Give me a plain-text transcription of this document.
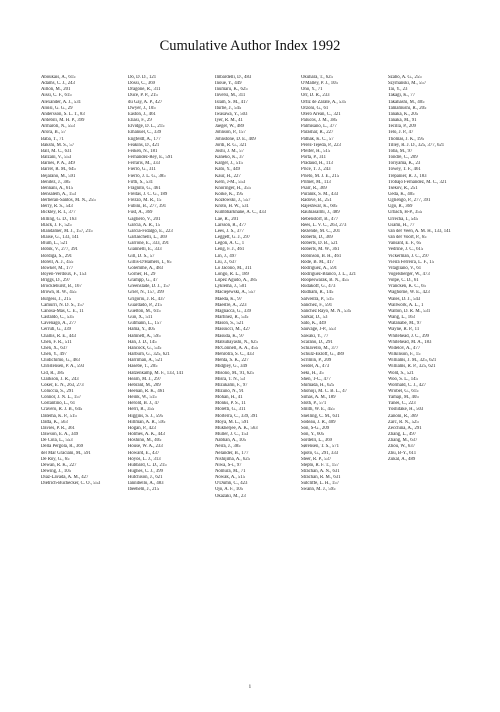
Cumulative Author Index 1992
Aboukaïs, A., 615
Adams, C. J., 243
Aillon, M., 201
Aïssi, C. F., 615
Alexander, A. J., 531
Aloisi, G. G., 29
Andersson, S. L. T., 83
Ardebili, M. H. P., 399
Armaroli, N., 553
Arora, B., 57
Baba, T., 71
Bakshi, M. S., 57
Ball, M. C., 631
Balzani, V., 553
Barnes, P. A., 349
Barrer, R. M., 645
Bejarano, M., 591
Benitez, J., 385
Bennani, A., 615
Bensalem, A., 153
Berberan-Santos, M. N., 255
Berry, R. S., 543
Bickley, R. I., 377
Billing, G. D., 163
Black, J. F., 525
Blandamer, M. J., 157, 215
Blaise, G., 133, 141
Blum, L., 521
Bobik, V., 277, 391
Bordiga, S., 291
Borell, A. J., 455
Bowker, M., 177
Boyen-Verdoux, F., 153
Briggs, D., 297
Brocklehurst, B., 167
Brown, R. W., 455
Burgess, J., 215
Camurri, N. D. S., 157
Canosa-Mas, C. E., 11
Castaldo, C., 535
Cavenago, A., 277
Cerruti, G., 339
Challis, R. E., 443
Chen, F. R., 511
Chen, X., 637
Chen, Y., 497
Chidichimo, G., 483
Christensen, P. A., 593
Cid, R., 385
Clarkson, J. R., 243
Coker, E. N., 263, 273
Coluccia, S., 291
Connor, J. N. L., 157
Costantino, L., 61
Cravero, R. J. B., 645
Datema, K. P., 515
Datta, K., 563
Davies, P. R., 361
Dawson, E. A., 349
De Cola, L., 553
Della Pergola, R., 369
del Mar Graciani, M., 591
De Roy, G., 65
Dewan, R. K., 227
Dewing, J., 105
Díaz-Lavada, A. M., 427
Dietrich-Buchecker, C. O., 553
Do, D. D., 121
Dossi, C., 369
Dragone, R., 311
Duce, P. P., 215
du Gay, A. P., 427
Dwyer, J., 105
Easton, J., 461
Eliasi, F., 29
Elvidge, D. L., 215
Emanuel, C., 339
Engfeldt, A., 177
Feakins, D., 421
Feiken, N., 181
Fernández-Rey, E., 591
Ferraris, M., 333
Fierro, G., 311
Fierro, J. L. G., 385
Firth, S., 531
Fragnito, G., 461
Freitas, J. C. G., 189
Frezzo, M. R., 15
Fubini, B., 277, 391
Fust, A., 369
Gagliero, V., 201
Garcia, A. R., 15
García-Fidalgo, E., 223
Garlaschelli, L., 369
Garrone, E., 333, 391
Giannelli, E., 333
Gill, D. S., 57
Gillis-D'Hamers, I., 65
Golemme, A., 483
Görner, H., 29
Grampp, G., 47
Greenslade, D. J., 157
Grier, N., 157, 399
Grigoriu, J. R., 437
Guardado, P., 215
Guelton, M., 615
Guo, X., 511
Gutmann, L., 157
Hama, Y., 405
Hamnett, A., 595
Han, J. D., 145
Hancock, G., 535
Harburn, G., 325, 621
Harriman, A., 521
Hasebe, T., 205
Hatzenkamp, M. F., 133, 141
Hearn, M. J., 297
Hebrant, M., 209
Heenan, R. K., 461
Heink, W., 515
Herold, B. J., 47
Herri, R., 355
Higgins, S. J., 595
Hillman, A. R., 595
Hogan, P., 423
Holmes, A. K., 443
Hoshino, M., 405
House, W. A., 233
Howard, E., 437
Hoyos, L. J., 313
Hubbard, C. D., 215
Hughes, C. J., 399
Hutchison, J., 621
Iannibello, A., 483
Ibeehem, J., 215
Imbardelli, D., 483
Inoue, Y., 449
Inumaru, K., 625
Inversi, M., 311
Islam, S. M., 417
Iturbe, J., 545
Iwasawa, Y., 503
Iyer, R. M., 41
Jaeger, W., 489
Johnson, P., 157
Johnstone, D. E., 409
Jordi, R. G., 321
Joshi, J. M., 57
Kaneko, K., 37
Kärger, J., 515
Kato, Y., 449
Kaur, H., 227
Kern, J-M., 553
Knöringer, H., 355
Koike, K., 195
Kozłowski, J., 557
Kroto, H. W., 531
Kumbharkhane, A. C., 433
Lae, R., 201
Larsson, R., 477
Lees, J. S., 377
Leggett, G. J., 297
Legon, A. C., 1
Leng, F. J., 461
Lin, J., 497
Liu, J., 637
Lo Jacono, M., 311
Longo, R. L., 189
López Agudo, A., 385
Lyklema, J., 501
Maciejewski, A., 557
Maeda, K., 97
Maestre, A., 223
Magnacca, G., 339
Martinez, R., 535
Mason, S., 521
Massucci, M., 427
Masuda, K., 97
Matsubayashi, N., 625
McConnell, A. A., 455
Mehrotra, S. C., 433
Mehta, S. K., 227
Midgley, G., 349
Misono, M., 91, 625
Misra, T. N., 53
Mizukami, F., 97
Mizuno, N., 91
Mohan, H., 41
Monks, P. S., 11
Moretti, G., 311
Morterra, C., 339, 391
Moyá, M. L., 591
Mukherjee, A. K., 563
Muller, J. C., 153
Nabhan, A., 105
Neira, J., 385
Nelander, B., 177
Nishijima, A., 625
Niwa, S-i., 97
Nomura, M., 71
Nowak, A., 515
O'Dumn, C., 423
Ojo, A. F., 105
Okazaki, M., 23
Okuhara, T., 625
O'Malley, P. J., 105
Ono, Y., 71
Orr, D. R., 233
Ortiz de Zárate, A., 535
Orzoni, G., 61
Otero Areán, C., 321
Palucos, J. M., 385
Palmisano, L., 377
Parashar, R., 227
Pathak, K. C., 57
Pérez-Tejeda, P., 223
Pfeifer, H., 515
Porta, P., 311
Pradaud, H., 113
Price, T. J., 243
Prieto, M. J. E., 215
Primet, M., 113
Psarr, R., 369
Puranik, S. M., 433
Radove, B., 251
Rajeshwar, K., 605
Rauhiasalmi, J., 489
Rebenstorf, B., 477
Rees, L. V. C., 263, 273
Rezende, M. C., 201
Roberto, D., 369
Roberts, D. B., 521
Roberts, M. W., 361
Robinson, B. H., 461
Rode, B. M., 417
Rodriguez, A., 591
Rodriguez-Blanco, J. L., 321
Roopeswarak, B. N., 455
Rudakoff, G., 473
Rudham, R., 145
Salvestra, P., 515
Sánchez, F., 591
Sanchez Rayo, M. N., 535
Sarkar, D., 53
Sato, K., 449
Sauvage, J-P., 553
Sawaki, Y., 77
Scarano, D., 291
Schiavello, M., 377
Schulz-Ekloff, G., 489
Scrimin, P., 209
Seidel, A., 473
Seki, H., 35
Shen, T-C., 477
Shimada, H., 625
Shohoji, M. C. B. L., 47
Simas, A. M., 189
Sloth, P., 571
Smith, W. E., 455
Snelling, C. M., 631
Sodeau, J. R., 409
Son, S-G., 209
Son, Y., 605
Sordelli, L., 369
Sørensen, T. S., 571
Spoto, G., 291, 333
Steer, R. P., 537
Stepto, R. F. T., 157
Strachan, A. N., 631
Strachan, R. M., 631
Sutcliffe, L. H., 157
Swann, M. J., 595
Szabo, A. G., 255
Szymanski, M., 557
Tai, Y., 23
Takagi, K., 77
Takahashi, M., 405
Tamamushi, R., 205
Tanaka, K., 205
Tanaka, M., 91
Tecilla, P., 209
Telo, J. P., 47
Thomas, J. K., 195
Tilley, R. J. D., 325, 377, 621
Toba, M., 97
Tondre, C., 209
Toriyama, K., 23
Towey, T. F., 461
Trepanier, R. J., 183
Trobajo Fernández, M. C., 321
Tsekov, R., 251
Ueda, K., 405
Ugliengo, P., 277, 391
Ugo, R., 369
Urbach, H-P., 355
Urrecha, I., 545
Usami, H., 77
van der Veen, A. M. H., 133, 141
van der Voort, P., 65
Vansant, E. F., 65
Vedrine, J. C., 615
Vickerman, J. C., 297
Vieira Ferreira, L. F., 15
Vitagliano, V., 61
Vogelsberger, W., 473
Volpe, C. D., 61
Vrancken, K. C., 65
Waghorne, W. E., 423
Wales, D. J., 543
Wallwork, A. L., 1
Walton, D. R. M., 531
Wang, L., 163
Watanabe, M., 97
Wayne, R. P., 11
Whitehead, J. C., 399
Whitehead, M. A., 183
Widelöv, A., 477
Wilkinson, F., 15
Williams, J. M., 325, 621
Williams, R. P., 325, 621
Wold, S., 521
Woo, S. L., 145
Wormald, C. J., 427
Wrobel, G., 615
Yamaji, M., 405
Yanes, C., 223
Yoshitake, H., 503
Zanoni, R., 369
Zarc, R. N., 525
Zecchina, A., 291
Zhang, L., 497
Zhang, M., 637
Zhou, W., 637
Zhu, B-Y., 611
Zukal, A., 489
i
